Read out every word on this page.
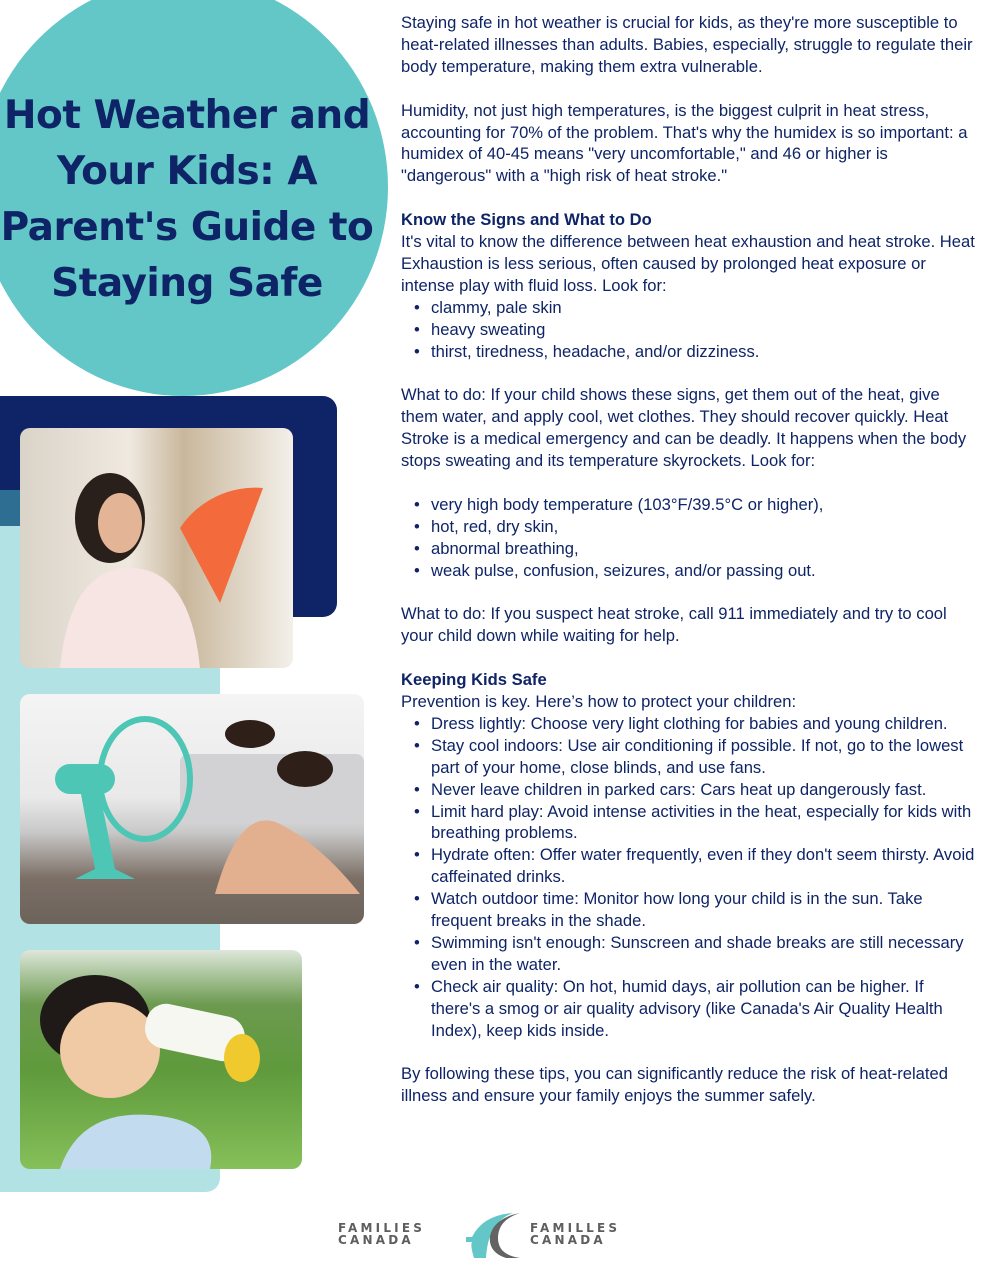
Hot Weather and Your Kids: A Parent's Guide to Staying Safe

Staying safe in hot weather is crucial for kids, as they're more susceptible to heat-related illnesses than adults. Babies, especially, struggle to regulate their body temperature, making them extra vulnerable.

Humidity, not just high temperatures, is the biggest culprit in heat stress, accounting for 70% of the problem. That's why the humidex is so important: a humidex of 40-45 means "very uncomfortable," and 46 or higher is "dangerous" with a "high risk of heat stroke."

Know the Signs and What to Do

It's vital to know the difference between heat exhaustion and heat stroke. Heat Exhaustion is less serious, often caused by prolonged heat exposure or intense play with fluid loss. Look for:

• clammy, pale skin
• heavy sweating
• thirst, tiredness, headache, and/or dizziness.

What to do: If your child shows these signs, get them out of the heat, give them water, and apply cool, wet clothes. They should recover quickly. Heat Stroke is a medical emergency and can be deadly. It happens when the body stops sweating and its temperature skyrockets. Look for:

• very high body temperature (103°F/39.5°C or higher),
• hot, red, dry skin,
• abnormal breathing,
• weak pulse, confusion, seizures, and/or passing out.

What to do: If you suspect heat stroke, call 911 immediately and try to cool your child down while waiting for help.

Keeping Kids Safe

Prevention is key. Here’s how to protect your children:

• Dress lightly: Choose very light clothing for babies and young children.
• Stay cool indoors: Use air conditioning if possible. If not, go to the lowest part of your home, close blinds, and use fans.
• Never leave children in parked cars: Cars heat up dangerously fast.
• Limit hard play: Avoid intense activities in the heat, especially for kids with breathing problems.
• Hydrate often: Offer water frequently, even if they don't seem thirsty. Avoid caffeinated drinks.
• Watch outdoor time: Monitor how long your child is in the sun. Take frequent breaks in the shade.
• Swimming isn't enough: Sunscreen and shade breaks are still necessary even in the water.
• Check air quality: On hot, humid days, air pollution can be higher. If there's a smog or air quality advisory (like Canada's Air Quality Health Index), keep kids inside.

By following these tips, you can significantly reduce the risk of heat-related illness and ensure your family enjoys the summer safely.

FAMILIES
CANADA
FAMILLES
CANADA
